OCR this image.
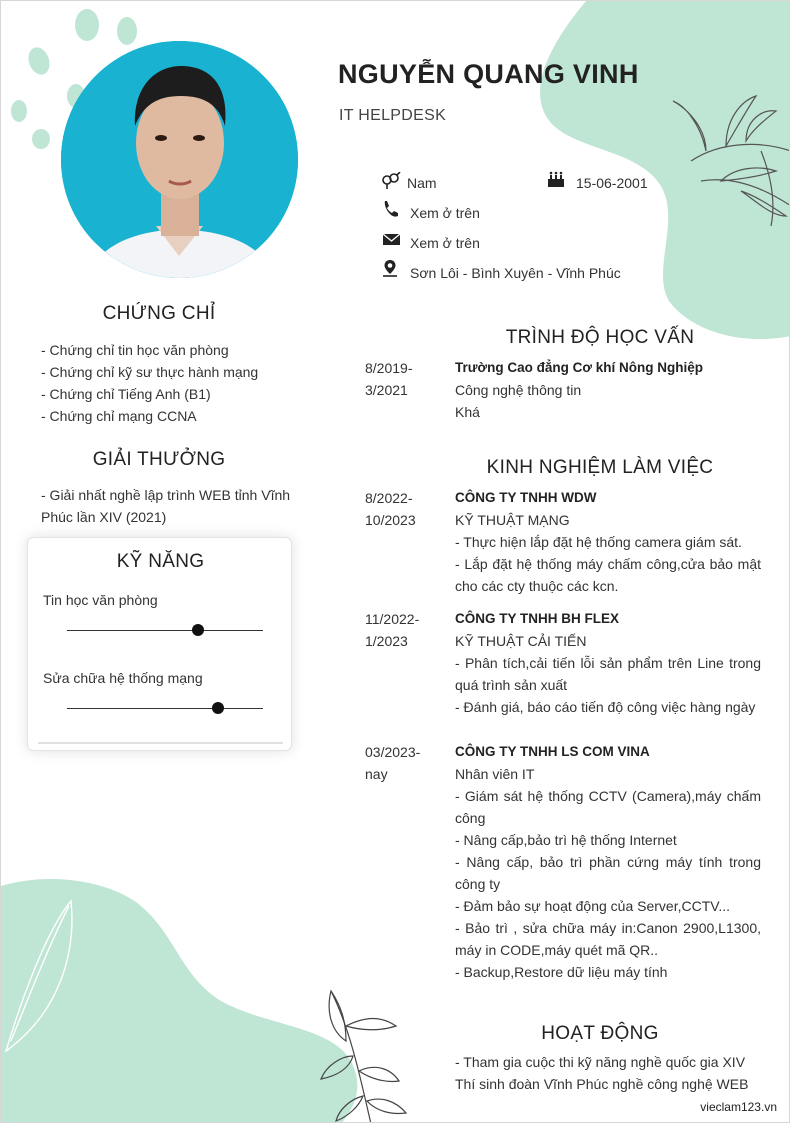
NGUYỄN QUANG VINH
IT HELPDESK
Nam	15-06-2001
Xem ở trên
Xem ở trên
Sơn Lôi - Bình Xuyên - Vĩnh Phúc
CHỨNG CHỈ
- Chứng chỉ tin học văn phòng
- Chứng chỉ kỹ sư thực hành mạng
- Chứng chỉ Tiếng Anh (B1)
- Chứng chỉ mạng CCNA
GIẢI THƯỞNG
- Giải nhất nghề lập trình WEB tỉnh Vĩnh Phúc lần XIV (2021)
KỸ NĂNG
Tin học văn phòng
Sửa chữa hệ thống mạng
TRÌNH ĐỘ HỌC VẤN
8/2019-
3/2021
Trường Cao đẳng Cơ khí Nông Nghiệp
Công nghệ thông tin
Khá
KINH NGHIỆM LÀM VIỆC
8/2022-
10/2023
CÔNG TY TNHH WDW
KỸ THUẬT MẠNG
- Thực hiện lắp đặt hệ thống camera giám sát.
- Lắp đặt hệ thống máy chấm công,cửa bảo mật cho các cty thuộc các kcn.
11/2022-
1/2023
CÔNG TY TNHH BH FLEX
KỸ THUẬT CẢI TIẾN
- Phân tích,cải tiến lỗi sản phẩm trên Line trong quá trình sản xuất
- Đánh giá, báo cáo tiến độ công việc hàng ngày
03/2023-
nay
CÔNG TY TNHH LS COM VINA
Nhân viên IT
- Giám sát hệ thống CCTV (Camera),máy chấm công
- Nâng cấp,bảo trì hệ thống Internet
- Nâng cấp, bảo trì phần cứng máy tính trong công ty
- Đảm bảo sự hoạt động của Server,CCTV...
- Bảo trì , sửa chữa máy in:Canon 2900,L1300, máy in CODE,máy quét mã QR..
- Backup,Restore dữ liệu máy tính
HOẠT ĐỘNG
- Tham gia cuộc thi kỹ năng nghề quốc gia XIV
Thí sinh đoàn Vĩnh Phúc nghề công nghệ WEB
vieclam123.vn
